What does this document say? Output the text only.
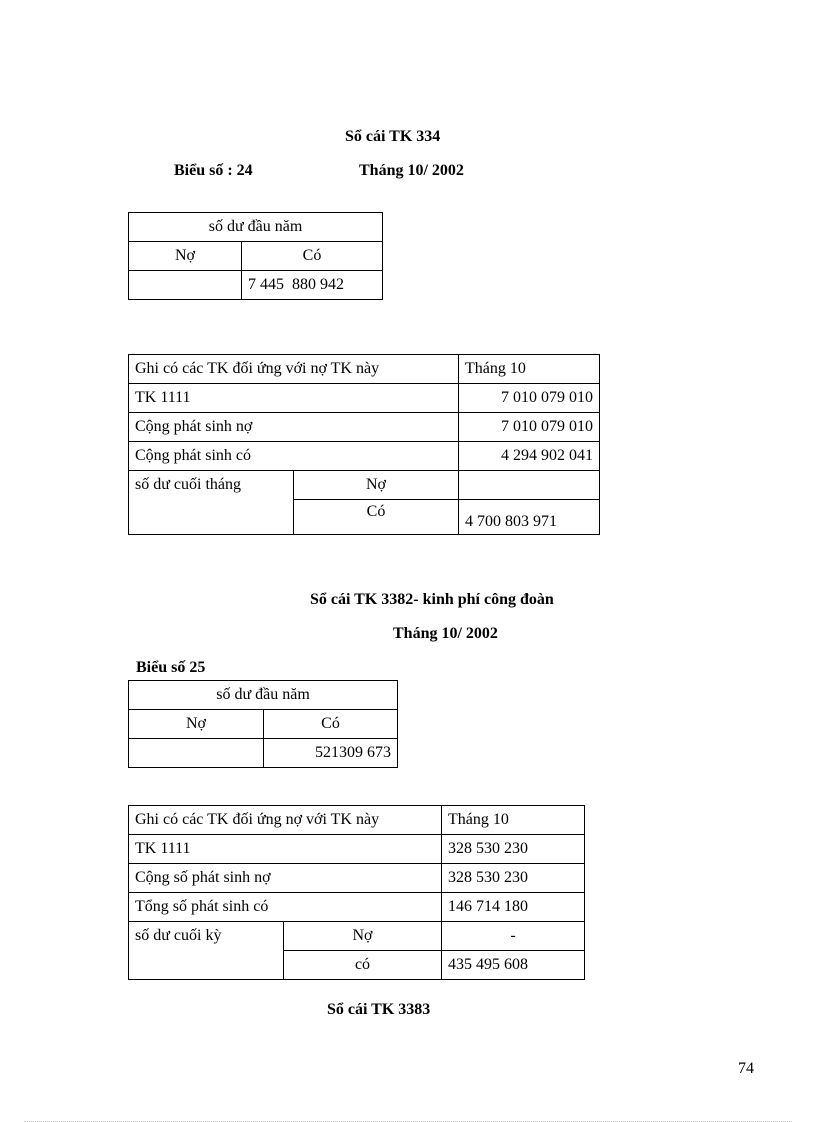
Sổ cái TK 334
Biểu số : 24	Tháng 10/ 2002
số dư đầu năm	
Nợ	Có
	7 445  880 942
Ghi có các TK đối ứng với nợ TK này		Tháng 10
TK 1111		7 010 079 010
Cộng phát sinh nợ		7 010 079 010
Cộng phát sinh có		4 294 902 041
số dư cuối tháng	Nợ	
	Có	4 700 803 971
Sổ cái TK 3382- kinh phí công đoàn
Tháng 10/ 2002
Biểu số 25
số dư đầu năm	
Nợ	Có
	521309 673
Ghi có các TK đối ứng nợ với TK này		Tháng 10
TK 1111		328 530 230
Cộng số phát sinh nợ		328 530 230
Tổng số phát sinh có		146 714 180
số dư cuối kỳ	Nợ	-
	có	435 495 608
Sổ cái TK 3383
74
